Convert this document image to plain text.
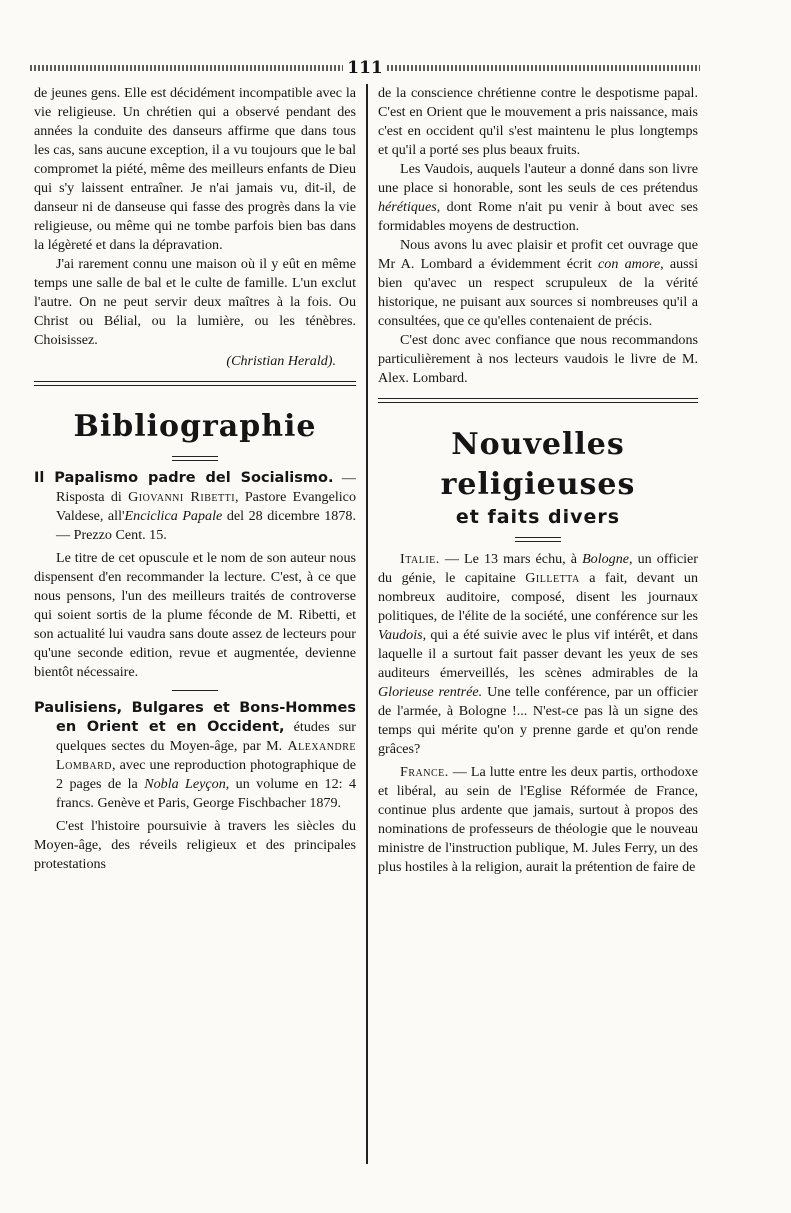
111

de jeunes gens. Elle est décidément incompatible avec la vie religieuse. Un chrétien qui a observé pendant des années la conduite des danseurs affirme que dans tous les cas, sans aucune exception, il a vu toujours que le bal compromet la piété, même des meilleurs enfants de Dieu qui s'y laissent entraîner. Je n'ai jamais vu, dit-il, de danseur ni de danseuse qui fasse des progrès dans la vie religieuse, ou même qui ne tombe parfois bien bas dans la légèreté et dans la dépravation.

J'ai rarement connu une maison où il y eût en même temps une salle de bal et le culte de famille. L'un exclut l'autre. On ne peut servir deux maîtres à la fois. Ou Christ ou Bélial, ou la lumière, ou les ténèbres. Choisissez.

(Christian Herald).

Bibliographie

Il Papalismo padre del Socialismo. — Risposta di Giovanni Ribetti, Pastore Evangelico Valdese, all'Enciclica Papale del 28 dicembre 1878. — Prezzo Cent. 15.

Le titre de cet opuscule et le nom de son auteur nous dispensent d'en recommander la lecture. C'est, à ce que nous pensons, l'un des meilleurs traités de controverse qui soient sortis de la plume féconde de M. Ribetti, et son actualité lui vaudra sans doute assez de lecteurs pour qu'une seconde edition, revue et augmentée, devienne bientôt nécessaire.

Paulisiens, Bulgares et Bons-Hommes en Orient et en Occident, études sur quelques sectes du Moyen-âge, par M. Alexandre Lombard, avec une reproduction photographique de 2 pages de la Nobla Leyçon, un volume en 12: 4 francs. Genève et Paris, George Fischbacher 1879.

C'est l'histoire poursuivie à travers les siècles du Moyen-âge, des réveils religieux et des principales protestations

de la conscience chrétienne contre le despotisme papal. C'est en Orient que le mouvement a pris naissance, mais c'est en occident qu'il s'est maintenu le plus longtemps et qu'il a porté ses plus beaux fruits.

Les Vaudois, auquels l'auteur a donné dans son livre une place si honorable, sont les seuls de ces prétendus hérétiques, dont Rome n'ait pu venir à bout avec ses formidables moyens de destruction.

Nous avons lu avec plaisir et profit cet ouvrage que Mr A. Lombard a évidemment écrit con amore, aussi bien qu'avec un respect scrupuleux de la vérité historique, ne puisant aux sources si nombreuses qu'il a consultées, que ce qu'elles contenaient de précis.

C'est donc avec confiance que nous recommandons particulièrement à nos lecteurs vaudois le livre de M. Alex. Lombard.

Nouvelles religieuses
et faits divers

Italie. — Le 13 mars échu, à Bologne, un officier du génie, le capitaine Gilletta a fait, devant un nombreux auditoire, composé, disent les journaux politiques, de l'élite de la société, une conférence sur les Vaudois, qui a été suivie avec le plus vif intérêt, et dans laquelle il a surtout fait passer devant les yeux de ses auditeurs émerveillés, les scènes admirables de la Glorieuse rentrée. Une telle conférence, par un officier de l'armée, à Bologne !... N'est-ce pas là un signe des temps qui mérite qu'on y prenne garde et qu'on rende grâces?

France. — La lutte entre les deux partis, orthodoxe et libéral, au sein de l'Eglise Réformée de France, continue plus ardente que jamais, surtout à propos des nominations de professeurs de théologie que le nouveau ministre de l'instruction publique, M. Jules Ferry, un des plus hostiles à la religion, aurait la prétention de faire de
